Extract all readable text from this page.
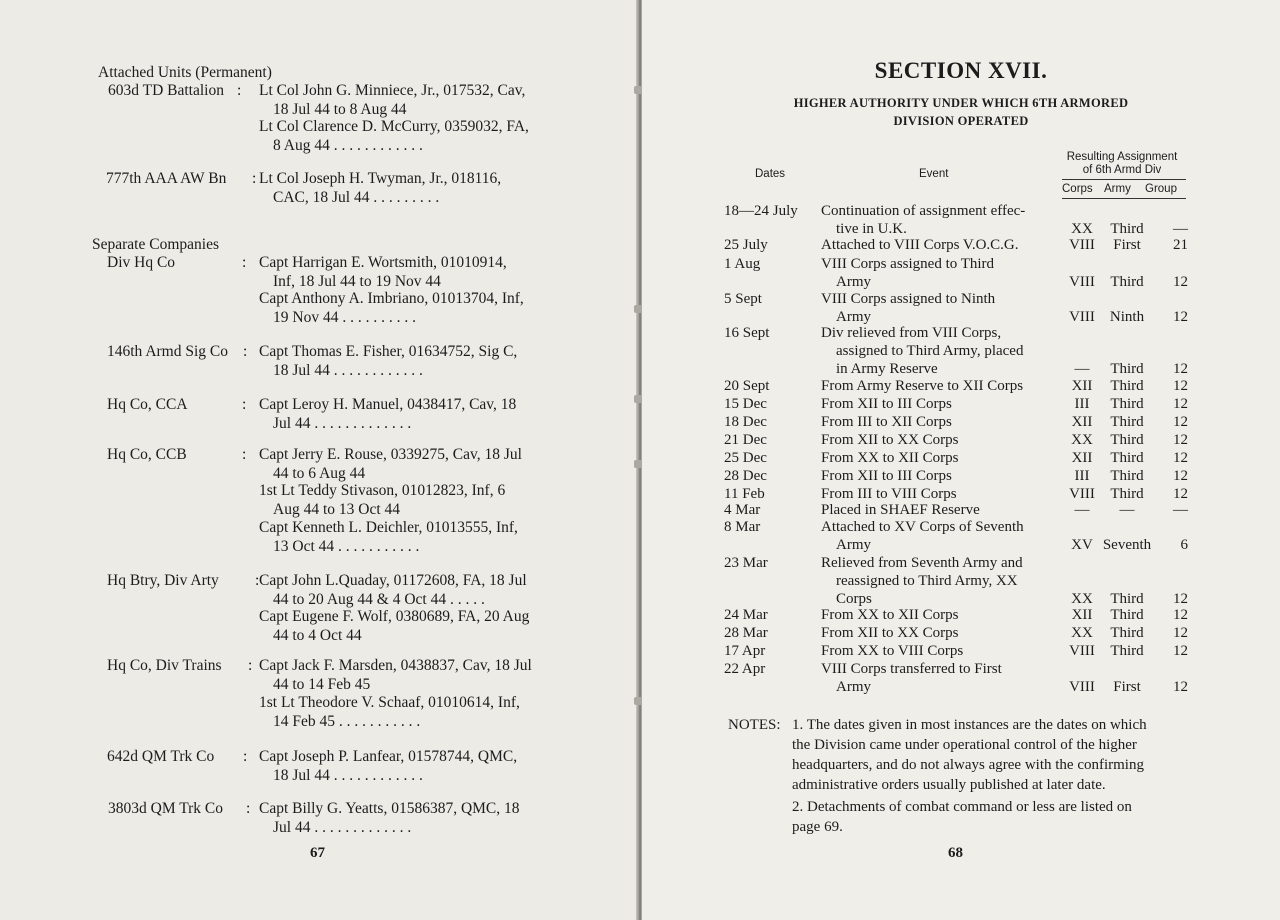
Attached Units (Permanent)
603d TD Battalion : Lt Col John G. Minniece, Jr., 017532, Cav,
18 Jul 44 to 8 Aug 44
Lt Col Clarence D. McCurry, 0359032, FA,
8 Aug 44 . . . . . . . . . . . .
777th AAA AW Bn : Lt Col Joseph H. Twyman, Jr., 018116,
CAC, 18 Jul 44 . . . . . . . . .
Separate Companies
Div Hq Co	: Capt Harrigan E. Wortsmith, 01010914,
Inf, 18 Jul 44 to 19 Nov 44
Capt Anthony A. Imbriano, 01013704, Inf,
19 Nov 44 . . . . . . . . . .
146th Armd Sig Co : Capt Thomas E. Fisher, 01634752, Sig C,
18 Jul 44 . . . . . . . . . . . .
Hq Co, CCA	: Capt Leroy H. Manuel, 0438417, Cav, 18
Jul 44 . . . . . . . . . . . . .
Hq Co, CCB	: Capt Jerry E. Rouse, 0339275, Cav, 18 Jul
44 to 6 Aug 44
1st Lt Teddy Stivason, 01012823, Inf, 6
Aug 44 to 13 Oct 44
Capt Kenneth L. Deichler, 01013555, Inf,
13 Oct 44 . . . . . . . . . . .
Hq Btry, Div Arty : Capt John L.Quaday, 01172608, FA, 18 Jul
44 to 20 Aug 44 & 4 Oct 44 . . . . .
Capt Eugene F. Wolf, 0380689, FA, 20 Aug
44 to 4 Oct 44
Hq Co, Div Trains : Capt Jack F. Marsden, 0438837, Cav, 18 Jul
44 to 14 Feb 45
1st Lt Theodore V. Schaaf, 01010614, Inf,
14 Feb 45 . . . . . . . . . . .
642d QM Trk Co : Capt Joseph P. Lanfear, 01578744, QMC,
18 Jul 44 . . . . . . . . . . . .
3803d QM Trk Co : Capt Billy G. Yeatts, 01586387, QMC, 18
Jul 44 . . . . . . . . . . . . .
67
SECTION XVII.
HIGHER AUTHORITY UNDER WHICH 6TH ARMORED
DIVISION OPERATED
Dates	Event
Resulting Assignment
of 6th Armd Div
Corps Army Group
18—24 July Continuation of assignment effec-
tive in U.K.	XX	Third	—
25 July	Attached to VIII Corps V.O.C.G.	VIII	First	21
1 Aug	VIII Corps assigned to Third
Army	VIII	Third	12
5 Sept	VIII Corps assigned to Ninth
Army	VIII	Ninth	12
16 Sept	Div relieved from VIII Corps,
assigned to Third Army, placed
in Army Reserve	—	Third	12
20 Sept	From Army Reserve to XII Corps	XII	Third	12
15 Dec	From XII to III Corps	III	Third	12
18 Dec	From III to XII Corps	XII	Third	12
21 Dec	From XII to XX Corps	XX	Third	12
25 Dec	From XX to XII Corps	XII	Third	12
28 Dec	From XII to III Corps	III	Third	12
11 Feb	From III to VIII Corps	VIII	Third	12
4 Mar	Placed in SHAEF Reserve	—	—	—
8 Mar	Attached to XV Corps of Seventh
Army	XV Seventh	6
23 Mar	Relieved from Seventh Army and
reassigned to Third Army, XX
Corps	XX	Third	12
24 Mar	From XX to XII Corps	XII	Third	12
28 Mar	From XII to XX Corps	XX	Third	12
17 Apr	From XX to VIII Corps	VIII	Third	12
22 Apr	VIII Corps transferred to First
Army	VIII	First	12
NOTES: 1. The dates given in most instances are the dates on which
the Division came under operational control of the higher
headquarters, and do not always agree with the confirming
administrative orders usually published at later date.
2. Detachments of combat command or less are listed on
page 69.
68
